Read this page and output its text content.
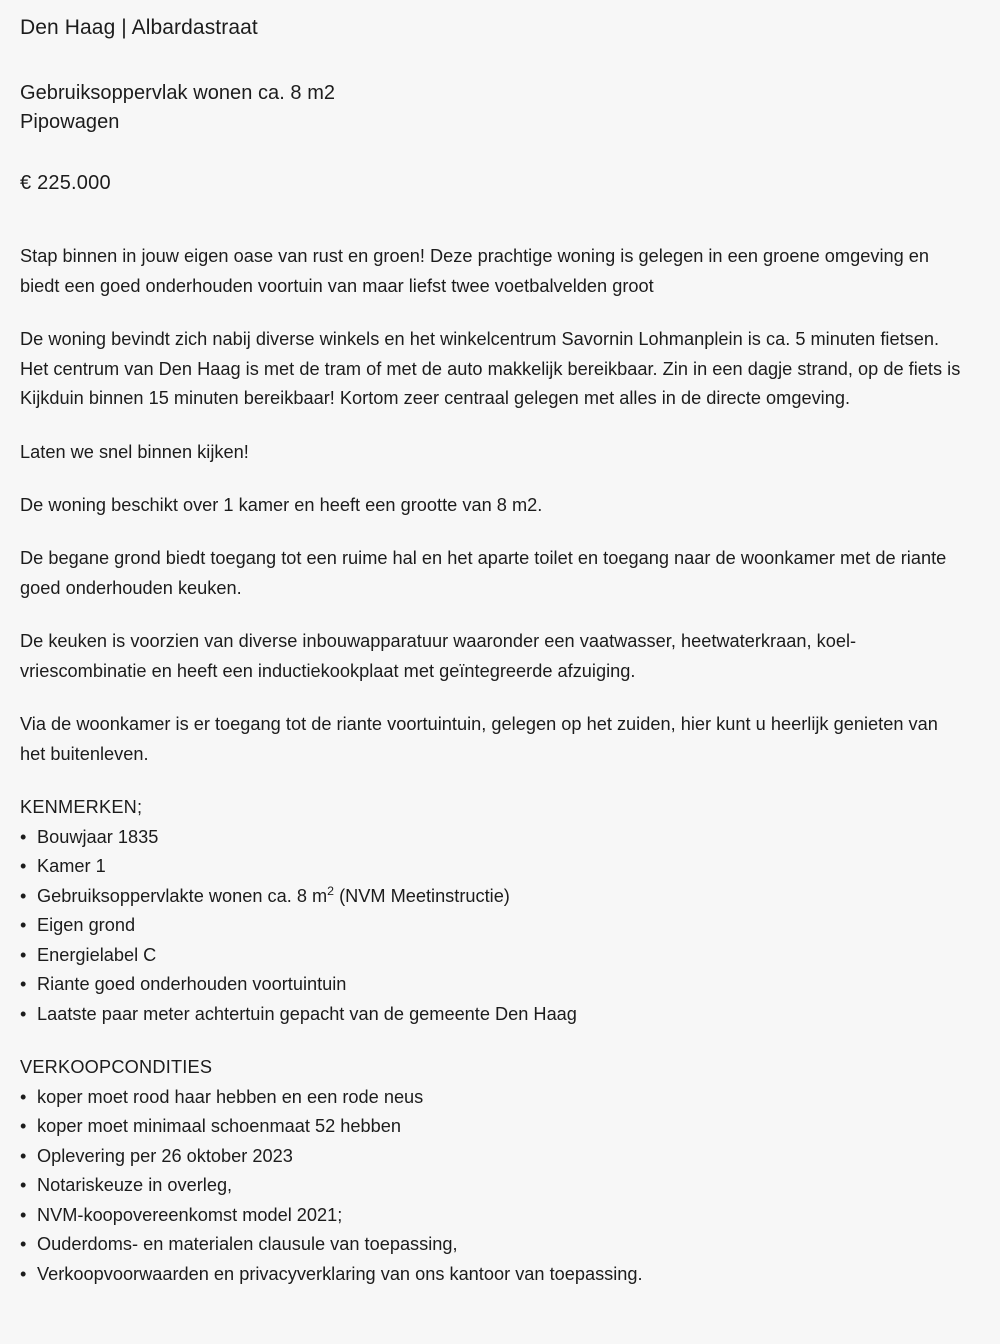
Den Haag | Albardastraat
Gebruiksoppervlak wonen ca. 8 m2
Pipowagen
€ 225.000

Stap binnen in jouw eigen oase van rust en groen! Deze prachtige woning is gelegen in een groene omgeving en biedt een goed onderhouden voortuin van maar liefst twee voetbalvelden groot

De woning bevindt zich nabij diverse winkels en het winkelcentrum Savornin Lohmanplein is ca. 5 minuten fietsen. Het centrum van Den Haag is met de tram of met de auto makkelijk bereikbaar. Zin in een dagje strand, op de fiets is Kijkduin binnen 15 minuten bereikbaar! Kortom zeer centraal gelegen met alles in de directe omgeving.

Laten we snel binnen kijken!

De woning beschikt over 1 kamer en heeft een grootte van 8 m2.

De begane grond biedt toegang tot een ruime hal en het aparte toilet en toegang naar de woonkamer met de riante goed onderhouden keuken.

De keuken is voorzien van diverse inbouwapparatuur waaronder een vaatwasser, heetwaterkraan, koel-vriescombinatie en heeft een inductiekookplaat met geïntegreerde afzuiging.

Via de woonkamer is er toegang tot de riante voortuintuin, gelegen op het zuiden, hier kunt u heerlijk genieten van het buitenleven.

KENMERKEN;
• Bouwjaar 1835
• Kamer 1
• Gebruiksoppervlakte wonen ca. 8 $m^2$ (NVM Meetinstructie)
• Eigen grond
• Energielabel C
• Riante goed onderhouden voortuintuin
• Laatste paar meter achtertuin gepacht van de gemeente Den Haag
VERKOOPCONDITIES
• koper moet rood haar hebben en een rode neus
• koper moet minimaal schoenmaat 52 hebben
• Oplevering per 26 oktober 2023
• Notariskeuze in overleg,
• NVM-koopovereenkomst model 2021;
• Ouderdoms- en materialen clausule van toepassing,
• Verkoopvoorwaarden en privacyverklaring van ons kantoor van toepassing.
